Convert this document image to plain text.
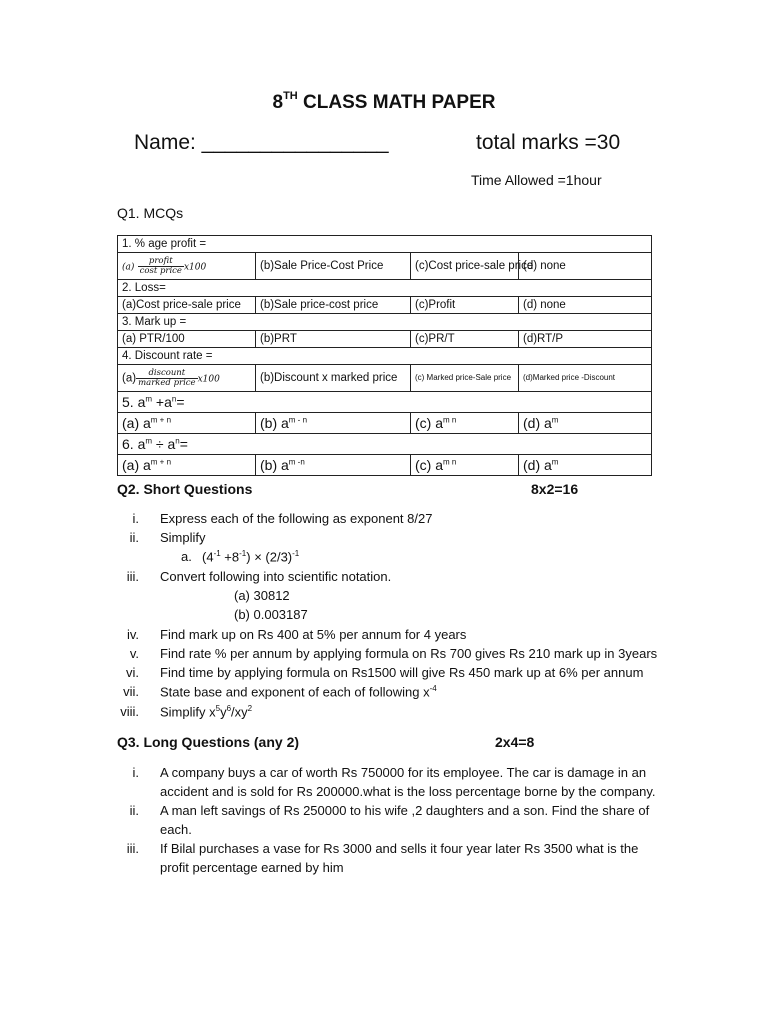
8TH CLASS MATH PAPER
Name: ________________	total marks =30
Time Allowed =1hour
Q1. MCQs
1. % age profit =			
$(a) \frac{\text{profit}}{\text{cost price}} x100$	(b)Sale Price-Cost Price	(c)Cost price-sale price	(d) none
2. Loss=			
(a)Cost price-sale price	(b)Sale price-cost price	(c)Profit	(d) none
3. Mark up =			
(a) PTR/100	(b)PRT	(c)PR/T	(d)RT/P
4. Discount rate =			
$(a) \frac{\text{discount}}{\text{marked price}} x100$	(b)Discount x marked price	(c) Marked price-Sale price	(d)Marked price -Discount
5. $a^m +a^n=$			
(a) $a^{m + n}$	(b) $a^{m - n}$	(c) $a^{m n}$	(d) $a^m$
6. $a^m \div a^n=$			
(a) $a^{m + n}$	(b) $a^{m -n}$	(c) $a^{m n}$	(d) $a^m$
Q2. Short Questions	8x2=16
i. Express each of the following as exponent 8/27
ii. Simplify
a. $(4^{-1} +8^{-1}) \times (2/3)^{-1}$
iii. Convert following into scientific notation.
(a) 30812
(b) 0.003187
iv. Find mark up on Rs 400 at 5% per annum for 4 years
v. Find rate % per annum by applying formula on Rs 700 gives Rs 210 mark up in 3years
vi. Find time by applying formula on Rs1500 will give Rs 450 mark up at 6% per annum
vii. State base and exponent of each of following $x^{-4}$
viii. Simplify $x^5y^6/xy^2$
Q3. Long Questions (any 2)	2x4=8
i. A company buys a car of worth Rs 750000 for its employee. The car is damage in an
accident and is sold for Rs 200000.what is the loss percentage borne by the company.
ii. A man left savings of Rs 250000 to his wife ,2 daughters and a son. Find the share of
each.
iii. If Bilal purchases a vase for Rs 3000 and sells it four year later Rs 3500 what is the
profit percentage earned by him
